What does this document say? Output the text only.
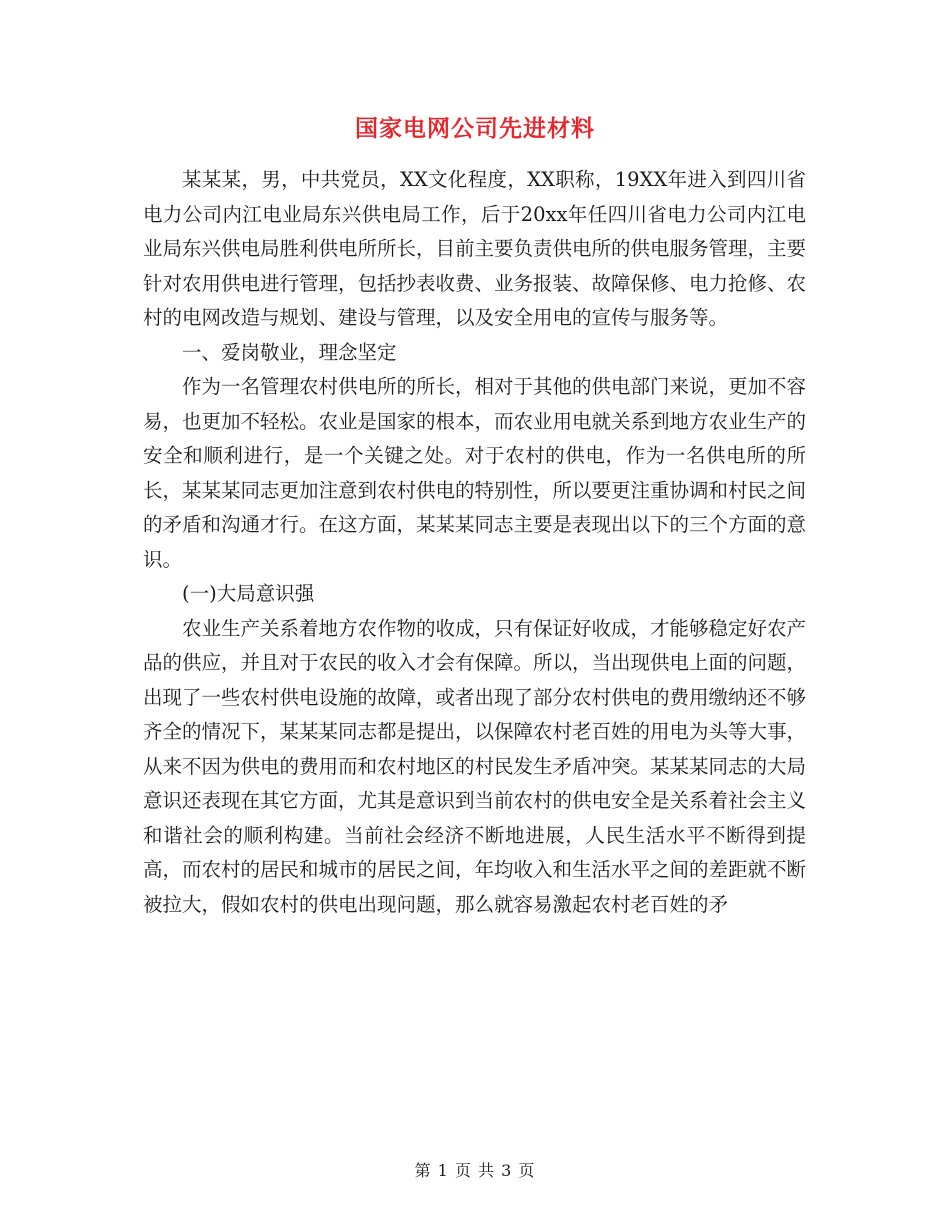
国家电网公司先进材料

某某某，男，中共党员，XX文化程度，XX职称，19XX年进入到四川省电力公司内江电业局东兴供电局工作，后于20xx年任四川省电力公司内江电业局东兴供电局胜利供电所所长，目前主要负责供电所的供电服务管理，主要针对农用供电进行管理，包括抄表收费、业务报装、故障保修、电力抢修、农村的电网改造与规划、建设与管理，以及安全用电的宣传与服务等。

一、爱岗敬业，理念坚定

作为一名管理农村供电所的所长，相对于其他的供电部门来说，更加不容易，也更加不轻松。农业是国家的根本，而农业用电就关系到地方农业生产的安全和顺利进行，是一个关键之处。对于农村的供电，作为一名供电所的所长，某某某同志更加注意到农村供电的特别性，所以要更注重协调和村民之间的矛盾和沟通才行。在这方面，某某某同志主要是表现出以下的三个方面的意识。

(一)大局意识强

农业生产关系着地方农作物的收成，只有保证好收成，才能够稳定好农产品的供应，并且对于农民的收入才会有保障。所以，当出现供电上面的问题，出现了一些农村供电设施的故障，或者出现了部分农村供电的费用缴纳还不够齐全的情况下，某某某同志都是提出，以保障农村老百姓的用电为头等大事，从来不因为供电的费用而和农村地区的村民发生矛盾冲突。某某某同志的大局意识还表现在其它方面，尤其是意识到当前农村的供电安全是关系着社会主义和谐社会的顺利构建。当前社会经济不断地进展，人民生活水平不断得到提高，而农村的居民和城市的居民之间，年均收入和生活水平之间的差距就不断被拉大，假如农村的供电出现问题，那么就容易激起农村老百姓的矛

第 1 页 共 3 页
